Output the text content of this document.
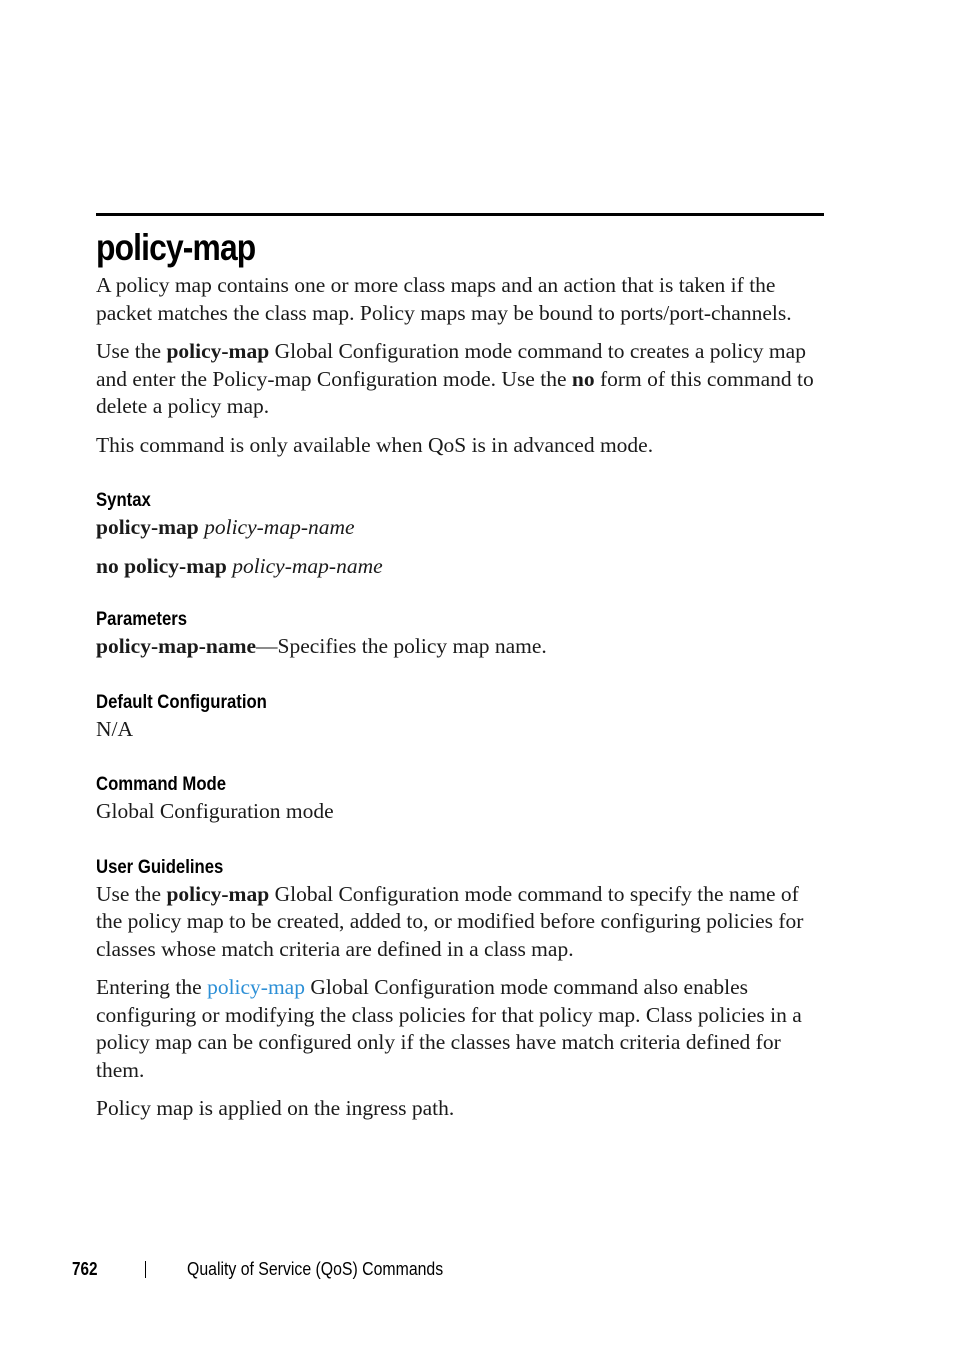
policy-map

A policy map contains one or more class maps and an action that is taken if the packet matches the class map. Policy maps may be bound to ports/port-channels.

Use the policy-map Global Configuration mode command to creates a policy map and enter the Policy-map Configuration mode. Use the no form of this command to delete a policy map.

This command is only available when QoS is in advanced mode.

Syntax

policy-map policy-map-name

no policy-map policy-map-name

Parameters

policy-map-name—Specifies the policy map name.

Default Configuration

N/A

Command Mode

Global Configuration mode

User Guidelines

Use the policy-map Global Configuration mode command to specify the name of the policy map to be created, added to, or modified before configuring policies for classes whose match criteria are defined in a class map.

Entering the policy-map Global Configuration mode command also enables configuring or modifying the class policies for that policy map. Class policies in a policy map can be configured only if the classes have match criteria defined for them.

Policy map is applied on the ingress path.

762	Quality of Service (QoS) Commands
